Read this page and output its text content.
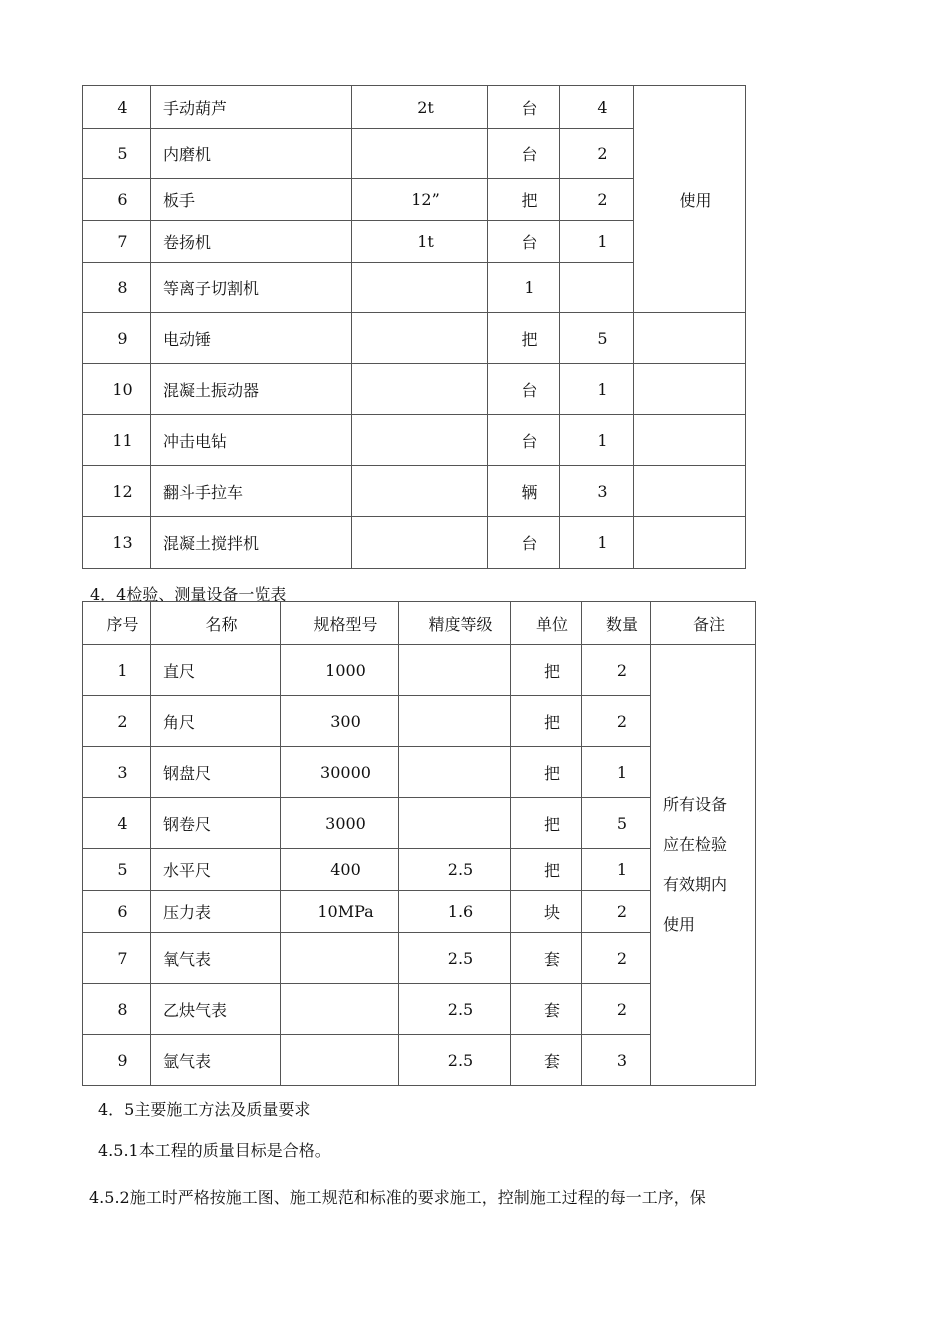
4	手动葫芦	2t	台	4	使用
5	内磨机		台	2	
6	板手	12”	把	2	
7	卷扬机	1t	台	1	
8	等离子切割机		1		
9	电动锤		把	5	
10	混凝土振动器		台	1	
11	冲击电钻		台	1	
12	翻斗手拉车		辆	3	
13	混凝土搅拌机		台	1	
4．4检验、测量设备一览表
序号	名称	规格型号	精度等级	单位	数量	备注
1	直尺	1000		把	2	所有设备
应在检验
有效期内
使用

2	角尺	300		把	2	
3	钢盘尺	30000		把	1	
4	钢卷尺	3000		把	5	
5	水平尺	400	2.5	把	1	
6	压力表	10MPa	1.6	块	2	
7	氧气表		2.5	套	2	
8	乙炔气表		2.5	套	2	
9	氩气表		2.5	套	3	
4．5主要施工方法及质量要求
4.5.1本工程的质量目标是合格。
4.5.2施工时严格按施工图、施工规范和标准的要求施工，控制施工过程的每一工序，保
